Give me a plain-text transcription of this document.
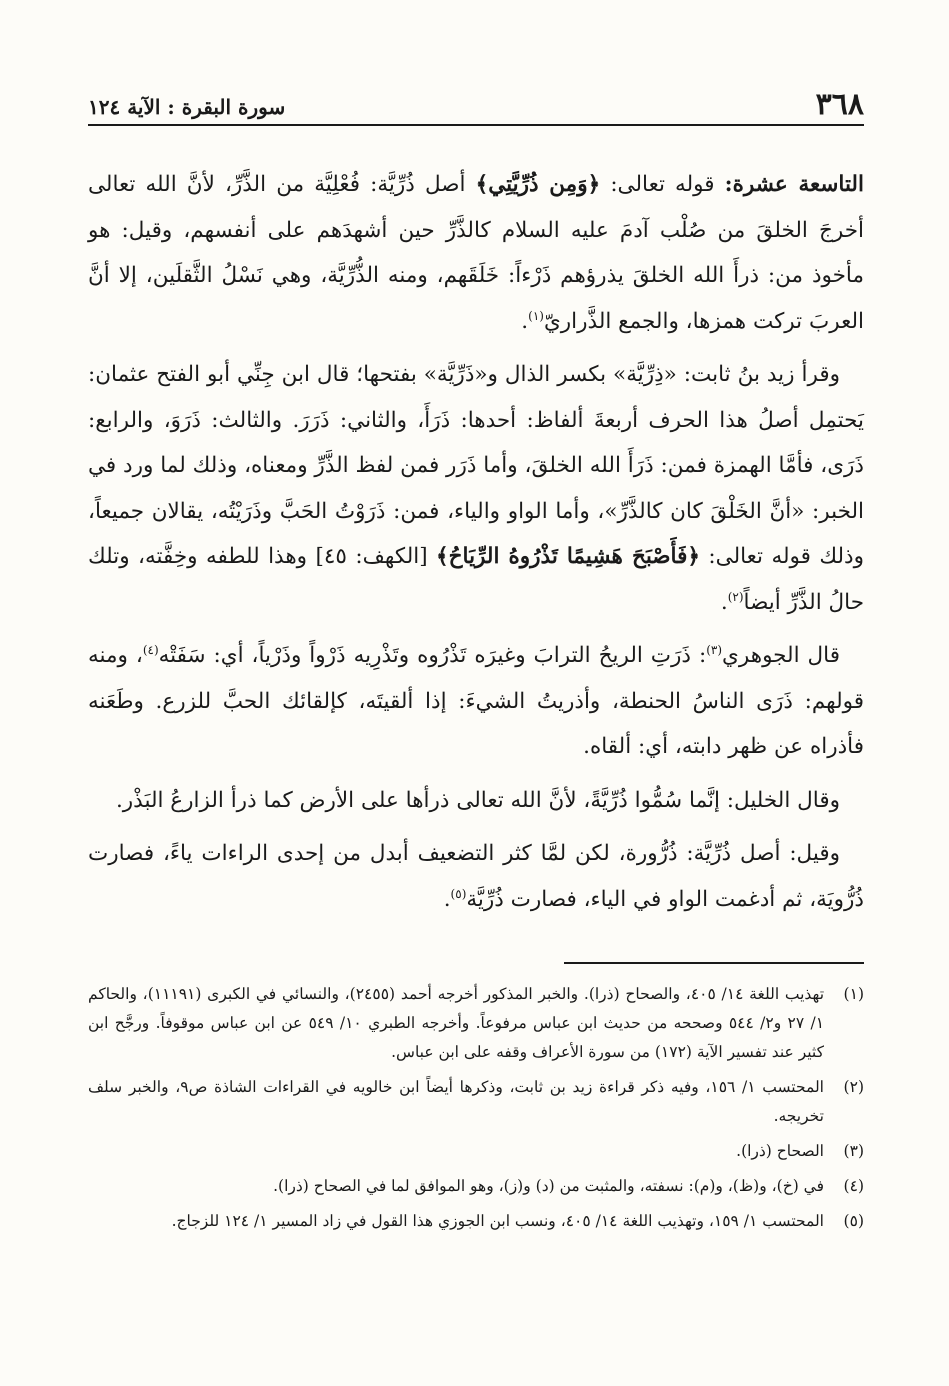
٣٦٨
سورة البقرة : الآية ١٢٤

التاسعة عشرة: قوله تعالى: ﴿وَمِن ذُرِّيَّتِي﴾ أصل ذُرِّيَّة: فُعْلِيَّة من الذَّرِّ، لأنَّ الله تعالى أخرجَ الخلقَ من صُلْب آدمَ عليه السلام كالذَّرِّ حين أشهدَهم على أنفسهم، وقيل: هو مأخوذ من: ذرأَ الله الخلقَ يذرؤهم ذَرْءاً: خَلَقَهم، ومنه الذُّرِّيَّة، وهي نَسْلُ الثَّقلَين، إلا أنَّ العربَ تركت همزها، والجمع الذَّراريّ$^{(١)}$.

وقرأ زيد بنُ ثابت: «ذِرِّيَّة» بكسر الذال و«ذَرِّيَّة» بفتحها؛ قال ابن جِنِّي أبو الفتح عثمان: يَحتمِل أصلُ هذا الحرف أربعةَ ألفاظ: أحدها: ذَرَأَ، والثاني: ذَرَرَ. والثالث: ذَرَوَ، والرابع: ذَرَى، فأمَّا الهمزة فمن: ذَرَأَ الله الخلقَ، وأما ذَرَر فمن لفظ الذَّرِّ ومعناه، وذلك لما ورد في الخبر: «أنَّ الخَلْقَ كان كالذَّرِّ»، وأما الواو والياء، فمن: ذَرَوْتُ الحَبَّ وذَرَيْتُه، يقالان جميعاً، وذلك قوله تعالى: ﴿فَأَصْبَحَ هَشِيمًا تَذْرُوهُ الرِّيَاحُ﴾ [الكهف: ٤٥] وهذا للطفه وخِفَّته، وتلك حالُ الذَّرِّ أيضاً$^{(٢)}$.

قال الجوهري$^{(٣)}$: ذَرَتِ الريحُ الترابَ وغيرَه تَذْرُوه وتَذْرِيه ذَرْواً وذَرْياً، أي: سَفَتْه$^{(٤)}$، ومنه قولهم: ذَرَى الناسُ الحنطة، وأذريتُ الشيءَ: إذا ألقيتَه، كإلقائك الحبَّ للزرع. وطَعَنه فأذراه عن ظهر دابته، أي: ألقاه.

وقال الخليل: إنَّما سُمُّوا ذُرِّيَّةً، لأنَّ الله تعالى ذرأها على الأرض كما ذرأ الزارعُ البَذْر.

وقيل: أصل ذُرِّيَّة: ذُرُّورة، لكن لمَّا كثر التضعيف أبدل من إحدى الراءات ياءً، فصارت ذُرُّويَة، ثم أدغمت الواو في الياء، فصارت ذُرِّيَّة$^{(٥)}$.

(١)
تهذيب اللغة ١٤/ ٤٠٥، والصحاح (ذرا). والخبر المذكور أخرجه أحمد (٢٤٥٥)، والنسائي في الكبرى (١١١٩١)، والحاكم ١/ ٢٧ و٢/ ٥٤٤ وصححه من حديث ابن عباس مرفوعاً. وأخرجه الطبري ١٠/ ٥٤٩ عن ابن عباس موقوفاً. ورجَّح ابن كثير عند تفسير الآية (١٧٢) من سورة الأعراف وقفه على ابن عباس.
(٢)
المحتسب ١/ ١٥٦، وفيه ذكر قراءة زيد بن ثابت، وذكرها أيضاً ابن خالويه في القراءات الشاذة ص٩، والخبر سلف تخريجه.
(٣)
الصحاح (ذرا).
(٤)
في (خ)، و(ظ)، و(م): نسفته، والمثبت من (د) و(ز)، وهو الموافق لما في الصحاح (ذرا).
(٥)
المحتسب ١/ ١٥٩، وتهذيب اللغة ١٤/ ٤٠٥، ونسب ابن الجوزي هذا القول في زاد المسير ١/ ١٢٤ للزجاج.
